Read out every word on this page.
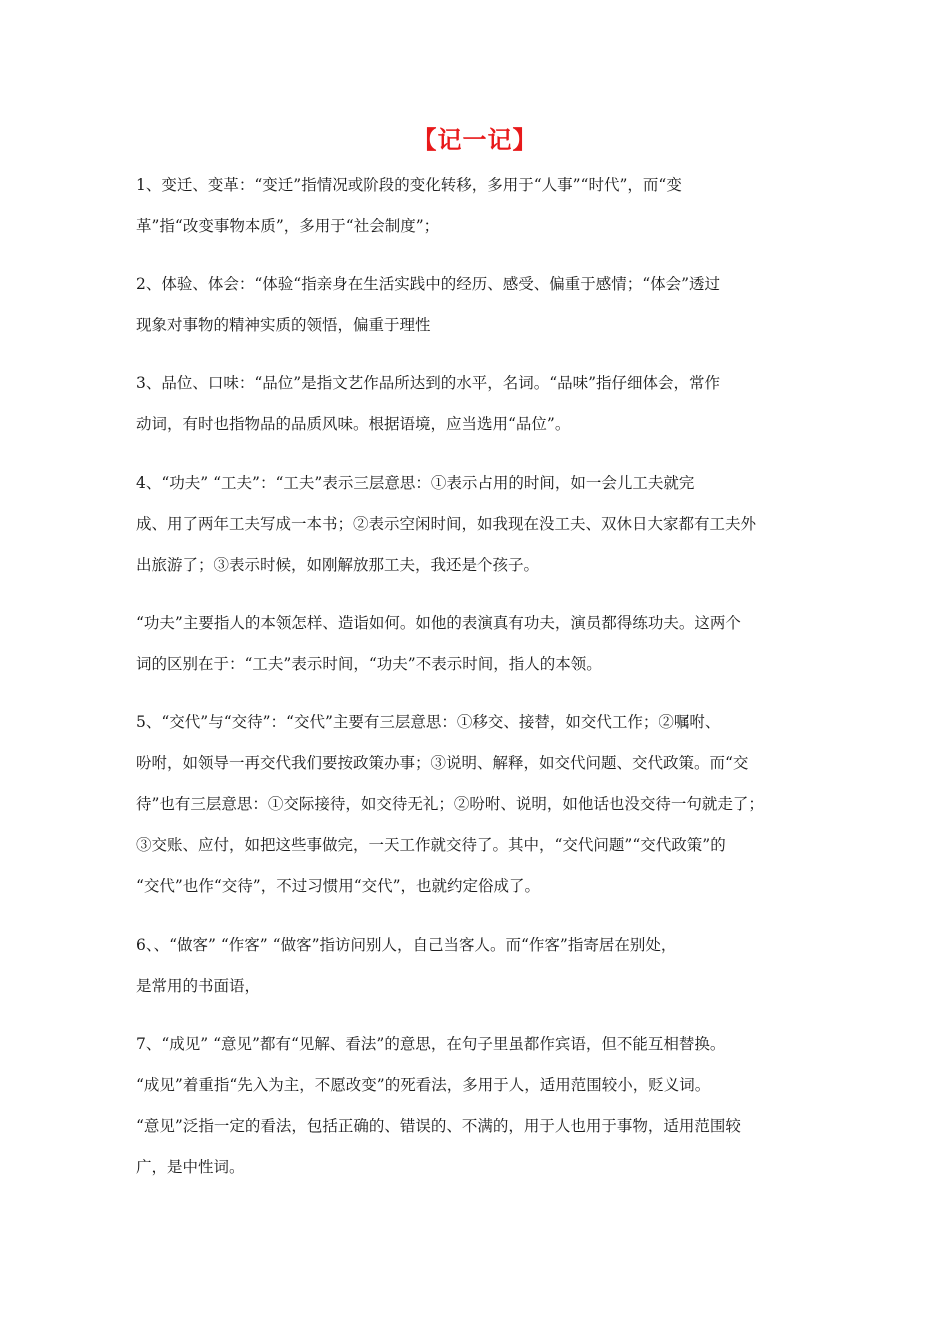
【记一记】
1、变迁、变革：“变迁”指情况或阶段的变化转移，多用于“人事”“时代”，而“变
革”指“改变事物本质”，多用于“社会制度”；
2、体验、体会：“体验“指亲身在生活实践中的经历、感受、偏重于感情；“体会”透过
现象对事物的精神实质的领悟，偏重于理性
3、品位、口味：“品位”是指文艺作品所达到的水平，名词。“品味”指仔细体会，常作
动词，有时也指物品的品质风味。根据语境，应当选用“品位”。
4、“功夫” “工夫”：“工夫”表示三层意思：①表示占用的时间，如一会儿工夫就完
成、用了两年工夫写成一本书；②表示空闲时间，如我现在没工夫、双休日大家都有工夫外
出旅游了；③表示时候，如刚解放那工夫，我还是个孩子。
“功夫”主要指人的本领怎样、造诣如何。如他的表演真有功夫，演员都得练功夫。这两个
词的区别在于：“工夫”表示时间，“功夫”不表示时间，指人的本领。
5、“交代”与“交待”：“交代”主要有三层意思：①移交、接替，如交代工作；②嘱咐、
吩咐，如领导一再交代我们要按政策办事；③说明、解释，如交代问题、交代政策。而“交
待”也有三层意思：①交际接待，如交待无礼；②吩咐、说明，如他话也没交待一句就走了；
③交账、应付，如把这些事做完，一天工作就交待了。其中，“交代问题”“交代政策”的
“交代”也作“交待”，不过习惯用“交代”，也就约定俗成了。
6、、“做客” “作客” “做客”指访问别人，自己当客人。而“作客”指寄居在别处，
是常用的书面语，
7、“成见” “意见”都有“见解、看法”的意思，在句子里虽都作宾语，但不能互相替换。
“成见”着重指“先入为主，不愿改变”的死看法，多用于人，适用范围较小，贬义词。
“意见”泛指一定的看法，包括正确的、错误的、不满的，用于人也用于事物，适用范围较
广，是中性词。
